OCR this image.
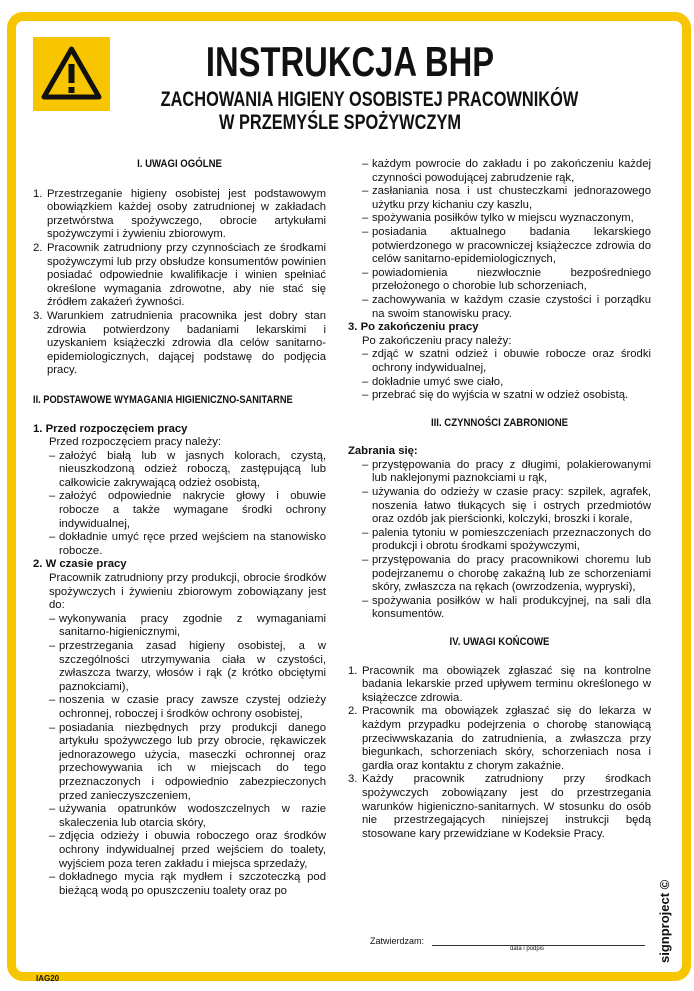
INSTRUKCJA BHP
ZACHOWANIA HIGIENY OSOBISTEJ PRACOWNIKÓW
W PRZEMYŚLE SPOŻYWCZYM

I. UWAGI OGÓLNE

1. Przestrzeganie higieny osobistej jest podstawowym obowiązkiem każdej osoby zatrudnionej w zakładach przetwórstwa spożywczego, obrocie artykułami spożywczymi i żywieniu zbiorowym.
2. Pracownik zatrudniony przy czynnościach ze środkami spożywczymi lub przy obsłudze konsumentów powinien posiadać odpowiednie kwalifikacje i winien spełniać określone wymagania zdrowotne, aby nie stać się źródłem zakażeń żywności.
3. Warunkiem zatrudnienia pracownika jest dobry stan zdrowia potwierdzony badaniami lekarskimi i uzyskaniem książeczki zdrowia dla celów sanitarno-epidemiologicznych, dającej podstawę do podjęcia pracy.

II. PODSTAWOWE WYMAGANIA HIGIENICZNO-SANITARNE

1. Przed rozpoczęciem pracy
Przed rozpoczęciem pracy należy:
– założyć białą lub w jasnych kolorach, czystą, nieuszkodzoną odzież roboczą, zastępującą lub całkowicie zakrywającą odzież osobistą,
– założyć odpowiednie nakrycie głowy i obuwie robocze a także wymagane środki ochrony indywidualnej,
– dokładnie umyć ręce przed wejściem na stanowisko robocze.
2. W czasie pracy
Pracownik zatrudniony przy produkcji, obrocie środków spożywczych i żywieniu zbiorowym zobowiązany jest do:
– wykonywania pracy zgodnie z wymaganiami sanitarno-higienicznymi,
– przestrzegania zasad higieny osobistej, a w szczególności utrzymywania ciała w czystości, zwłaszcza twarzy, włosów i rąk (z krótko obciętymi paznokciami),
– noszenia w czasie pracy zawsze czystej odzieży ochronnej, roboczej i środków ochrony osobistej,
– posiadania niezbędnych przy produkcji danego artykułu spożywczego lub przy obrocie, rękawiczek jednorazowego użycia, maseczki ochronnej oraz przechowywania ich w miejscach do tego przeznaczonych i odpowiednio zabezpieczonych przed zanieczyszczeniem,
– używania opatrunków wodoszczelnych w razie skaleczenia lub otarcia skóry,
– zdjęcia odzieży i obuwia roboczego oraz środków ochrony indywidualnej przed wejściem do toalety, wyjściem poza teren zakładu i miejsca sprzedaży,
– dokładnego mycia rąk mydłem i szczoteczką pod bieżącą wodą po opuszczeniu toalety oraz po
– każdym powrocie do zakładu i po zakończeniu każdej czynności powodującej zabrudzenie rąk,
– zasłaniania nosa i ust chusteczkami jednorazowego użytku przy kichaniu czy kaszlu,
– spożywania posiłków tylko w miejscu wyznaczonym,
– posiadania aktualnego badania lekarskiego potwierdzonego w pracowniczej książeczce zdrowia do celów sanitarno-epidemiologicznych,
– powiadomienia niezwłocznie bezpośredniego przełożonego o chorobie lub schorzeniach,
– zachowywania w każdym czasie czystości i porządku na swoim stanowisku pracy.
3. Po zakończeniu pracy
Po zakończeniu pracy należy:
– zdjąć w szatni odzież i obuwie robocze oraz środki ochrony indywidualnej,
– dokładnie umyć swe ciało,
– przebrać się do wyjścia w szatni w odzież osobistą.

III. CZYNNOŚCI ZABRONIONE

Zabrania się:
– przystępowania do pracy z długimi, polakierowanymi lub naklejonymi paznokciami u rąk,
– używania do odzieży w czasie pracy: szpilek, agrafek, noszenia łatwo tłukących się i ostrych przedmiotów oraz ozdób jak pierścionki, kolczyki, broszki i korale,
– palenia tytoniu w pomieszczeniach przeznaczonych do produkcji i obrotu środkami spożywczymi,
– przystępowania do pracy pracownikowi choremu lub podejrzanemu o chorobę zakaźną lub ze schorzeniami skóry, zwłaszcza na rękach (owrzodzenia, wypryski),
– spożywania posiłków w hali produkcyjnej, na sali dla konsumentów.

IV. UWAGI KOŃCOWE

1. Pracownik ma obowiązek zgłaszać się na kontrolne badania lekarskie przed upływem terminu określonego w książeczce zdrowia.
2. Pracownik ma obowiązek zgłaszać się do lekarza w każdym przypadku podejrzenia o chorobę stanowiącą przeciwwskazania do zatrudnienia, a zwłaszcza przy biegunkach, schorzeniach skóry, schorzeniach nosa i gardła oraz kontaktu z chorym zakaźnie.
3. Każdy pracownik zatrudniony przy środkach spożywczych zobowiązany jest do przestrzegania warunków higieniczno-sanitarnych. W stosunku do osób nie przestrzegających niniejszej instrukcji będą stosowane kary przewidziane w Kodeksie Pracy.
Zatwierdzam:
data i podpis	signproject ©
IAG20
